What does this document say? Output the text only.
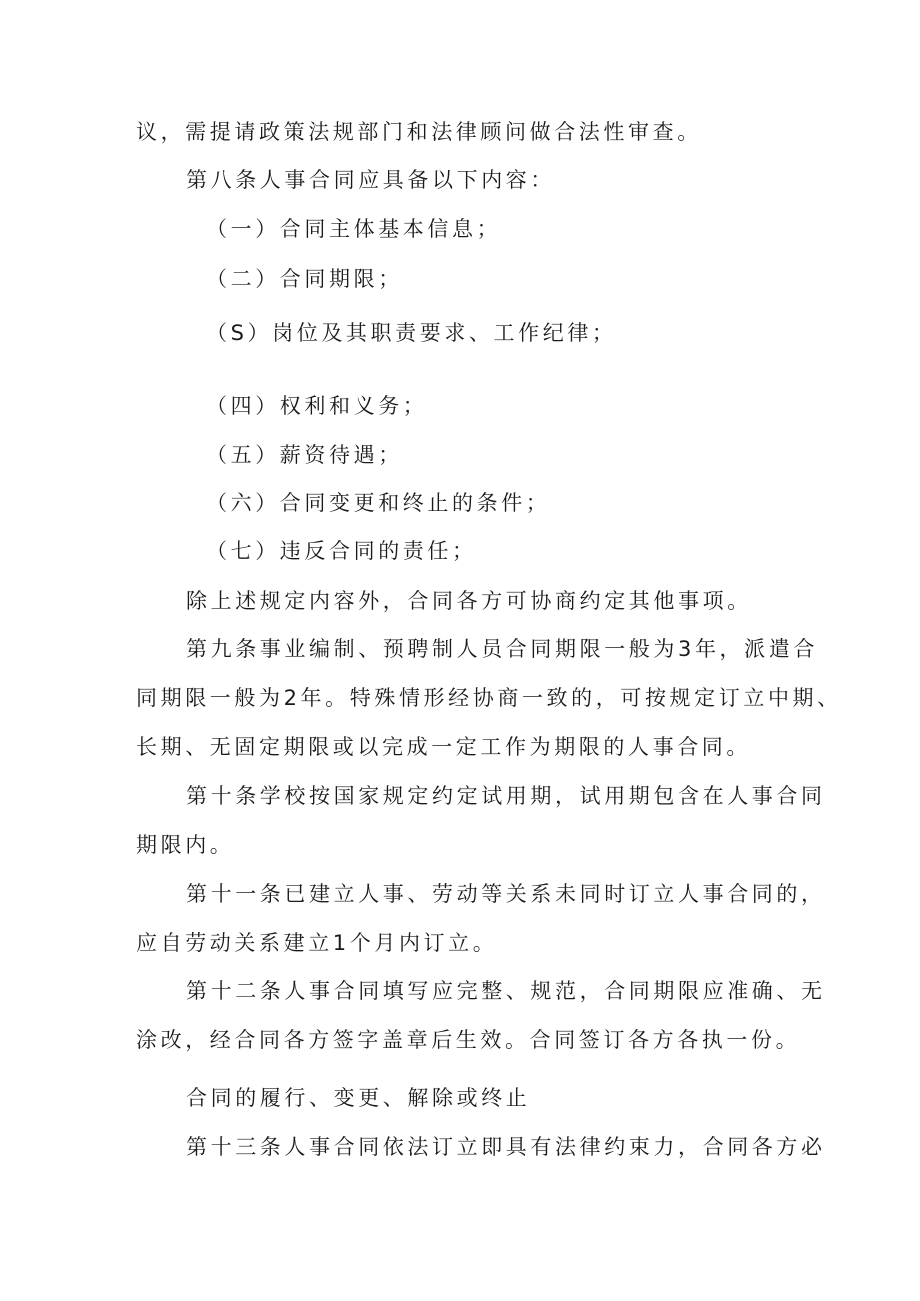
议，需提请政策法规部门和法律顾问做合法性审查。

第八条人事合同应具备以下内容：

（一）合同主体基本信息；

（二）合同期限；

（S）岗位及其职责要求、工作纪律；

（四）权利和义务；

（五）薪资待遇；

（六）合同变更和终止的条件；

（七）违反合同的责任；

除上述规定内容外，合同各方可协商约定其他事项。

第九条事业编制、预聘制人员合同期限一般为3年，派遣合

同期限一般为2年。特殊情形经协商一致的，可按规定订立中期、

长期、无固定期限或以完成一定工作为期限的人事合同。

第十条学校按国家规定约定试用期，试用期包含在人事合同

期限内。

第十一条已建立人事、劳动等关系未同时订立人事合同的，

应自劳动关系建立1个月内订立。

第十二条人事合同填写应完整、规范，合同期限应准确、无

涂改，经合同各方签字盖章后生效。合同签订各方各执一份。

合同的履行、变更、解除或终止

第十三条人事合同依法订立即具有法律约束力，合同各方必
